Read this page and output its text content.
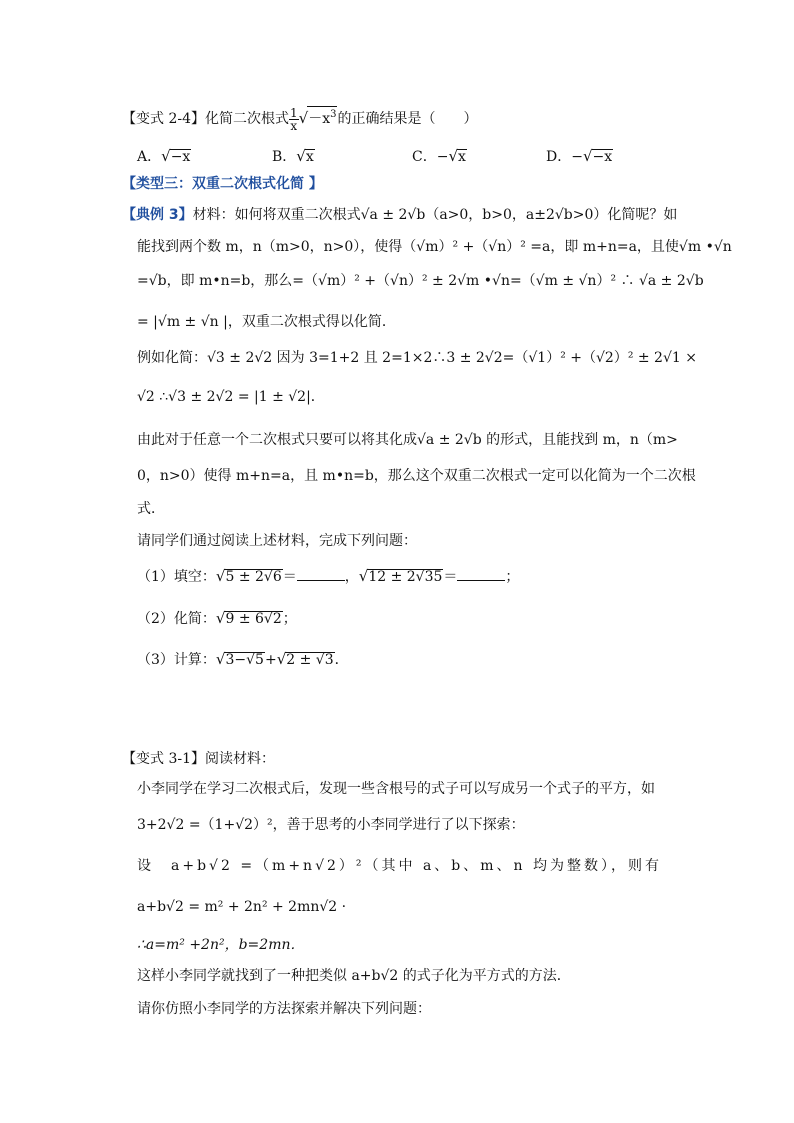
【变式 2-4】化简二次根式 $\frac{1}{x} √-x^3$的正确结果是（　　）
A．√−x	B．√x	C．−√x	D．−√−x
【类型三：双重二次根式化简 】
【典例 3】材料：如何将双重二次根式√a ± 2√b（a>0，b>0，a±2√b>0）化简呢？如
能找到两个数 m，n（m>0，n>0），使得（√m）² +（√n）² =a，即 m+n=a，且使√m •√n
=√b，即 m•n=b，那么=（√m）² +（√n）² ± 2√m •√n=（√m ± √n）² ∴ √a ± 2√b
= |√m ± √n |，双重二次根式得以化简．
例如化简：√3 ± 2√2 因为 3=1+2 且 2=1×2∴3 ± 2√2=（√1）² +（√2）² ± 2√1 ×
√2 ∴√3 ± 2√2 = |1 ± √2|．
由此对于任意一个二次根式只要可以将其化成√a ± 2√b 的形式，且能找到 m，n（m>
0，n>0）使得 m+n=a，且 m•n=b，那么这个双重二次根式一定可以化简为一个二次根
式．
请同学们通过阅读上述材料，完成下列问题：
（1）填空：√5 ± 2√6＝	，√12 ± 2√35＝	；
（2）化简：√9 ± 6√2；
（3）计算：√3−√5+√2 ± √3．
【变式 3-1】阅读材料：
小李同学在学习二次根式后，发现一些含根号的式子可以写成另一个式子的平方，如
3+2√2 =（1+√2）²，善于思考的小李同学进行了以下探索：
设　a+b√2 =（m+n√2）²（其中 a、b、m、n 均为整数），则有
a+b√2 = m² + 2n² + 2mn√2 ·
∴a=m² +2n²，b=2mn．
这样小李同学就找到了一种把类似 a+b√2 的式子化为平方式的方法．
请你仿照小李同学的方法探索并解决下列问题：
